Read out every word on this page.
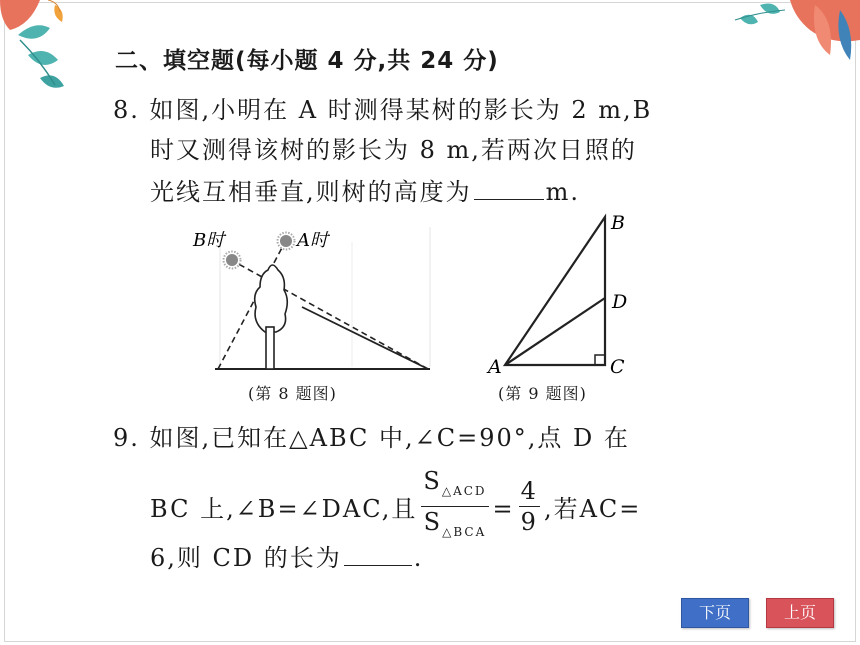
二、填空题(每小题 4 分,共 24 分)
8. 如图,小明在 A 时测得某树的影长为 2 m,B
时又测得该树的影长为 8 m,若两次日照的
光线互相垂直,则树的高度为	m.
B时	A时
(第 8 题图)
B
D
A	C
(第 9 题图)
9. 如图,已知在△ABC 中,∠C=90°,点 D 在
BC 上,∠B=∠DAC,且 $\frac{S_{\triangle ACD}}{S_{\triangle BCA}} = \frac{4}{9}$ ,若AC=
6,则 CD 的长为	.
下页	上页
